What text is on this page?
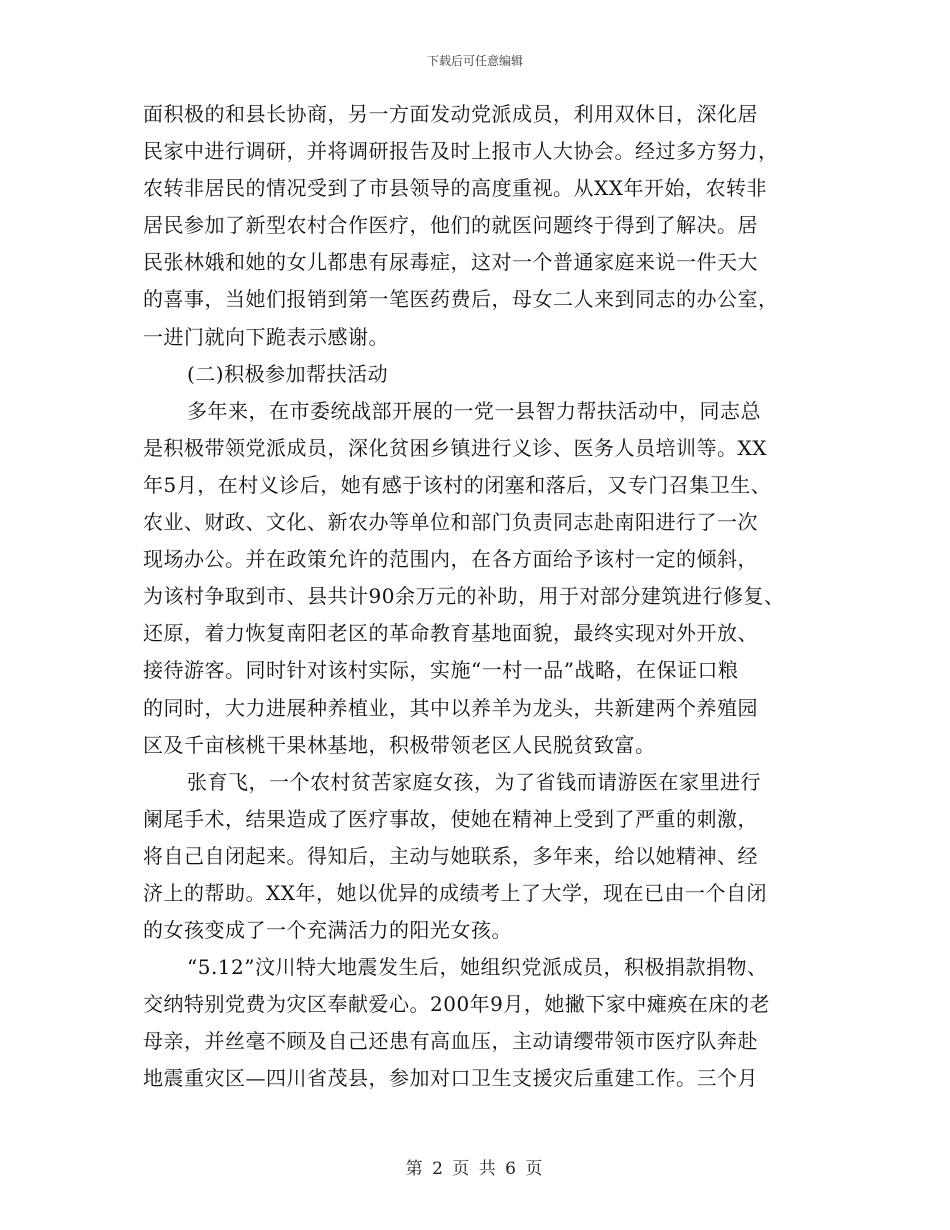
下载后可任意编辑
面积极的和县长协商，另一方面发动党派成员，利用双休日，深化居
民家中进行调研，并将调研报告及时上报市人大协会。经过多方努力，
农转非居民的情况受到了市县领导的高度重视。从XX年开始，农转非
居民参加了新型农村合作医疗，他们的就医问题终于得到了解决。居
民张林娥和她的女儿都患有尿毒症，这对一个普通家庭来说一件天大
的喜事，当她们报销到第一笔医药费后，母女二人来到同志的办公室，
一进门就向下跪表示感谢。
(二)积极参加帮扶活动
多年来，在市委统战部开展的一党一县智力帮扶活动中，同志总
是积极带领党派成员，深化贫困乡镇进行义诊、医务人员培训等。XX
年5月，在村义诊后，她有感于该村的闭塞和落后，又专门召集卫生、
农业、财政、文化、新农办等单位和部门负责同志赴南阳进行了一次
现场办公。并在政策允许的范围内，在各方面给予该村一定的倾斜，
为该村争取到市、县共计90余万元的补助，用于对部分建筑进行修复、
还原，着力恢复南阳老区的革命教育基地面貌，最终实现对外开放、
接待游客。同时针对该村实际，实施“一村一品”战略，在保证口粮
的同时，大力进展种养植业，其中以养羊为龙头，共新建两个养殖园
区及千亩核桃干果林基地，积极带领老区人民脱贫致富。
张育飞，一个农村贫苦家庭女孩，为了省钱而请游医在家里进行
阑尾手术，结果造成了医疗事故，使她在精神上受到了严重的刺激，
将自己自闭起来。得知后，主动与她联系，多年来，给以她精神、经
济上的帮助。XX年，她以优异的成绩考上了大学，现在已由一个自闭
的女孩变成了一个充满活力的阳光女孩。
“5.12”汶川特大地震发生后，她组织党派成员，积极捐款捐物、
交纳特别党费为灾区奉献爱心。200年9月，她撇下家中瘫痪在床的老
母亲，并丝毫不顾及自己还患有高血压，主动请缨带领市医疗队奔赴
地震重灾区—四川省茂县，参加对口卫生支援灾后重建工作。三个月
第 2 页 共 6 页
